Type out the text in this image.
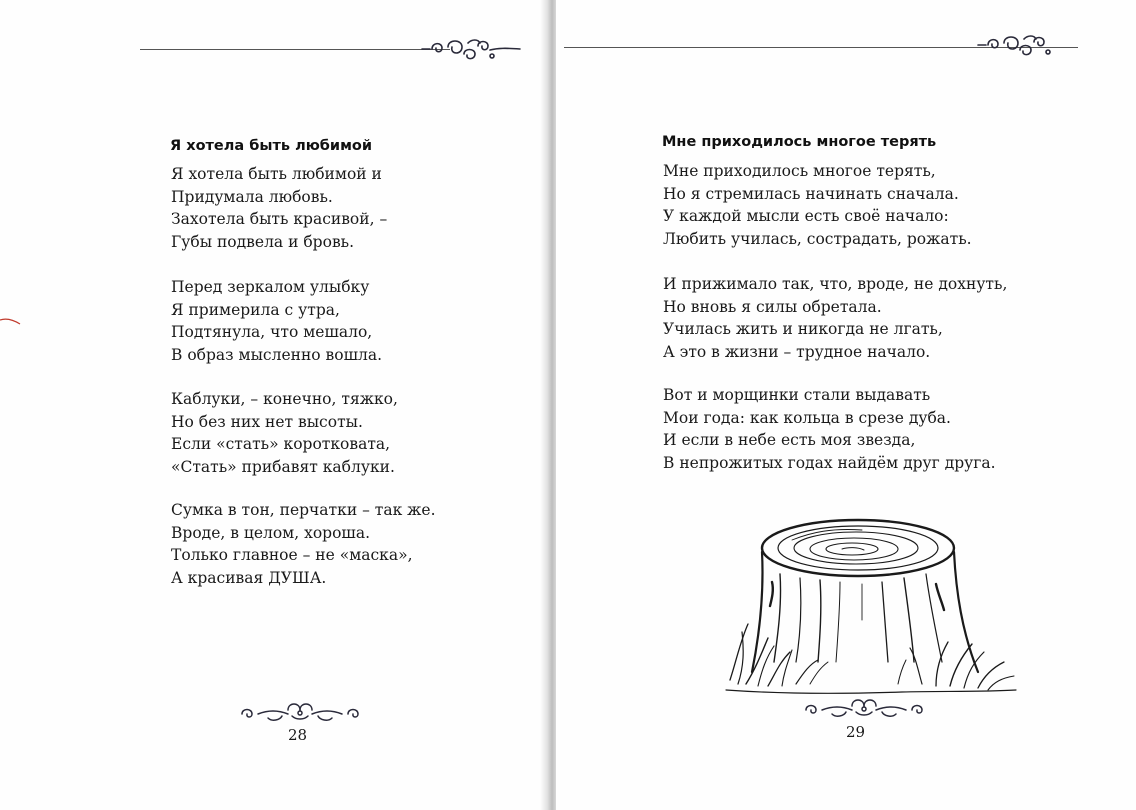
Я хотела быть любимой
Я хотела быть любимой и
Придумала любовь.
Захотела быть красивой, –
Губы подвела и бровь.
Перед зеркалом улыбку
Я примерила с утра,
Подтянула, что мешало,
В образ мысленно вошла.
Каблуки, – конечно, тяжко,
Но без них нет высоты.
Если «стать» коротковата,
«Стать» прибавят каблуки.
Сумка в тон, перчатки – так же.
Вроде, в целом, хороша.
Только главное – не «маска»,
А красивая ДУША.
28
Мне приходилось многое терять
Мне приходилось многое терять,
Но я стремилась начинать сначала.
У каждой мысли есть своё начало:
Любить училась, сострадать, рожать.
И прижимало так, что, вроде, не дохнуть,
Но вновь я силы обретала.
Училась жить и никогда не лгать,
А это в жизни – трудное начало.
Вот и морщинки стали выдавать
Мои года: как кольца в срезе дуба.
И если в небе есть моя звезда,
В непрожитых годах найдём друг друга.
29
